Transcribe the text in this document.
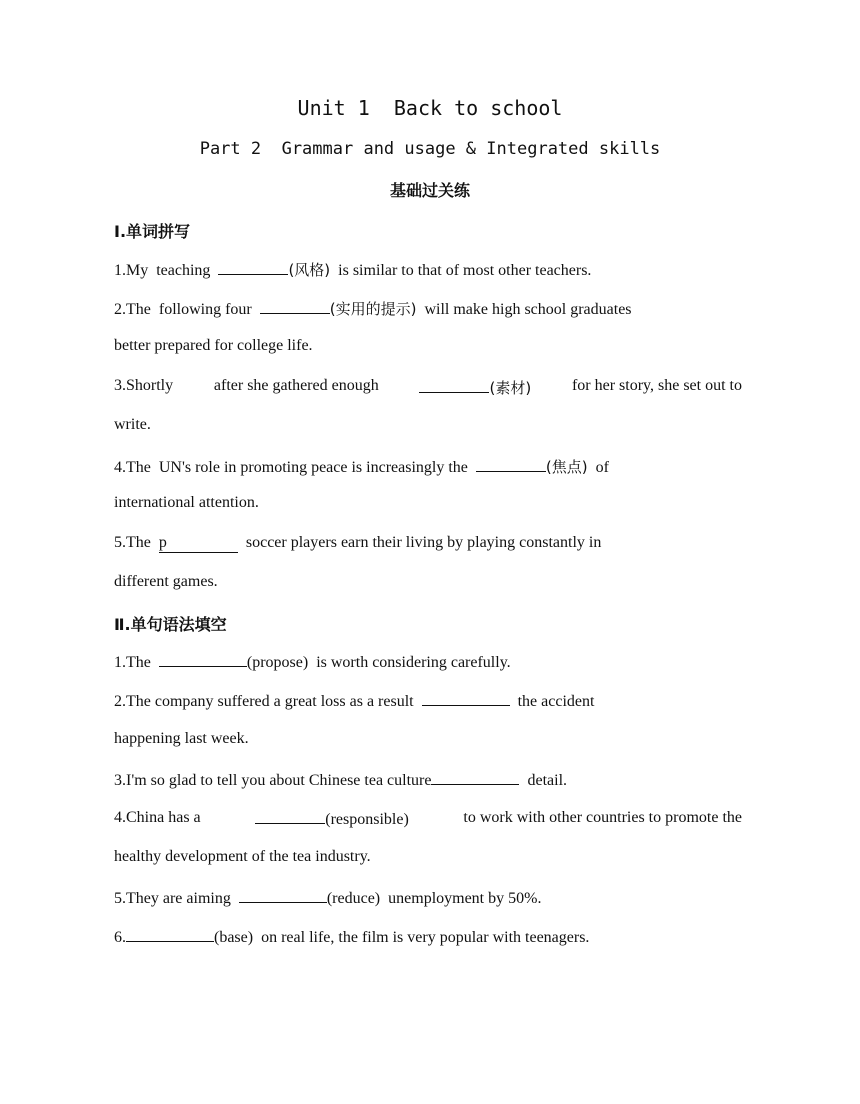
Unit 1  Back to school
Part 2  Grammar and usage & Integrated skills
基础过关练
Ⅰ.单词拼写
1.My teaching	(风格) is similar to that of most other teachers.
2.The following four	(实用的提示) will make high school graduates
better prepared for college life.
3.Shortly	after she gathered enough	(素材)	for her story, she set out to
write.
4.The UN's role in promoting peace is increasingly the	(焦点) of
international attention.
5.The p	soccer players earn their living by playing constantly in
different games.
Ⅱ.单句语法填空
1.The	(propose) is worth considering carefully.
2.The company suffered a great loss as a result	the accident
happening last week.
3.I'm so glad to tell you about Chinese tea culture	detail.
4.China has a	(responsible)	to work with other countries to promote the
healthy development of the tea industry.
5.They are aiming	(reduce) unemployment by 50%.
6.	(base) on real life, the film is very popular with teenagers.
